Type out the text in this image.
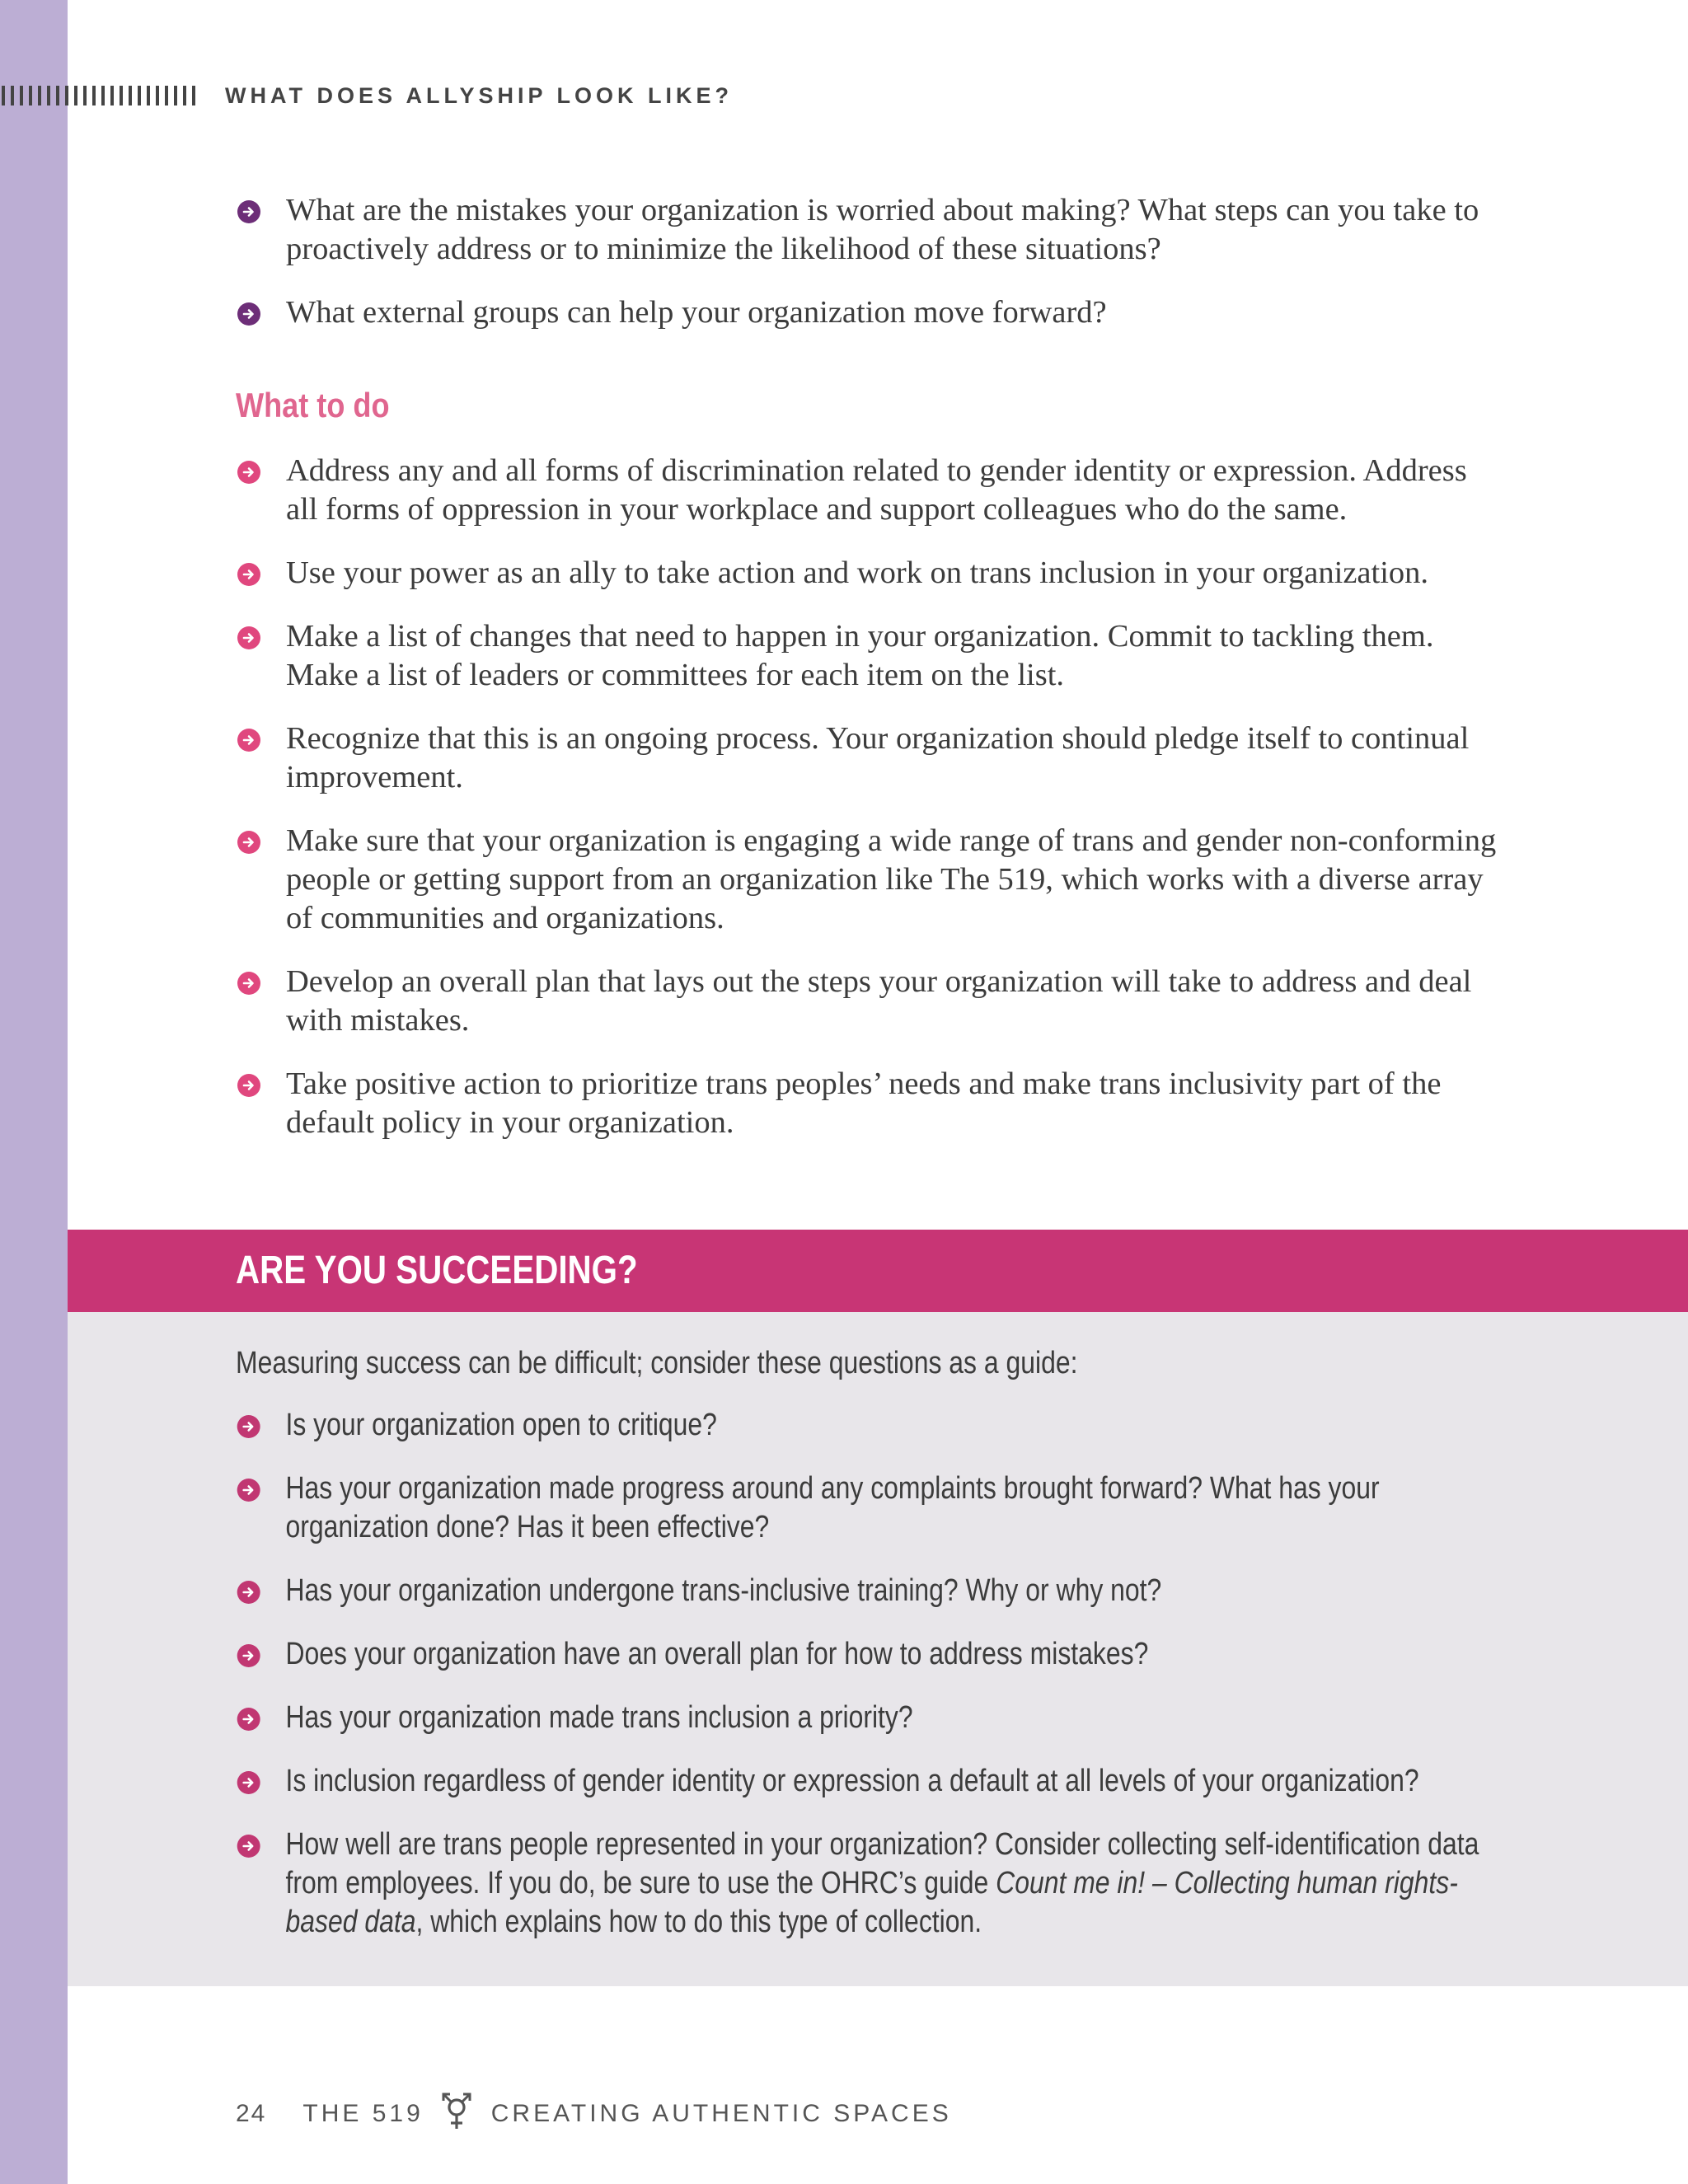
WHAT DOES ALLYSHIP LOOK LIKE?
What are the mistakes your organization is worried about making? What steps can you take to proactively address or to minimize the likelihood of these situations?
What external groups can help your organization move forward?
What to do
Address any and all forms of discrimination related to gender identity or expression. Address all forms of oppression in your workplace and support colleagues who do the same.
Use your power as an ally to take action and work on trans inclusion in your organization.
Make a list of changes that need to happen in your organization. Commit to tackling them. Make a list of leaders or committees for each item on the list.
Recognize that this is an ongoing process. Your organization should pledge itself to continual improvement.
Make sure that your organization is engaging a wide range of trans and gender non-conforming people or getting support from an organization like The 519, which works with a diverse array of communities and organizations.
Develop an overall plan that lays out the steps your organization will take to address and deal with mistakes.
Take positive action to prioritize trans peoples’ needs and make trans inclusivity part of the default policy in your organization.
ARE YOU SUCCEEDING?
Measuring success can be difficult; consider these questions as a guide:
Is your organization open to critique?
Has your organization made progress around any complaints brought forward? What has your organization done? Has it been effective?
Has your organization undergone trans-inclusive training? Why or why not?
Does your organization have an overall plan for how to address mistakes?
Has your organization made trans inclusion a priority?
Is inclusion regardless of gender identity or expression a default at all levels of your organization?
How well are trans people represented in your organization? Consider collecting self-identification data from employees. If you do, be sure to use the OHRC’s guide Count me in! – Collecting human rights-based data, which explains how to do this type of collection.
24 THE 519	CREATING AUTHENTIC SPACES
